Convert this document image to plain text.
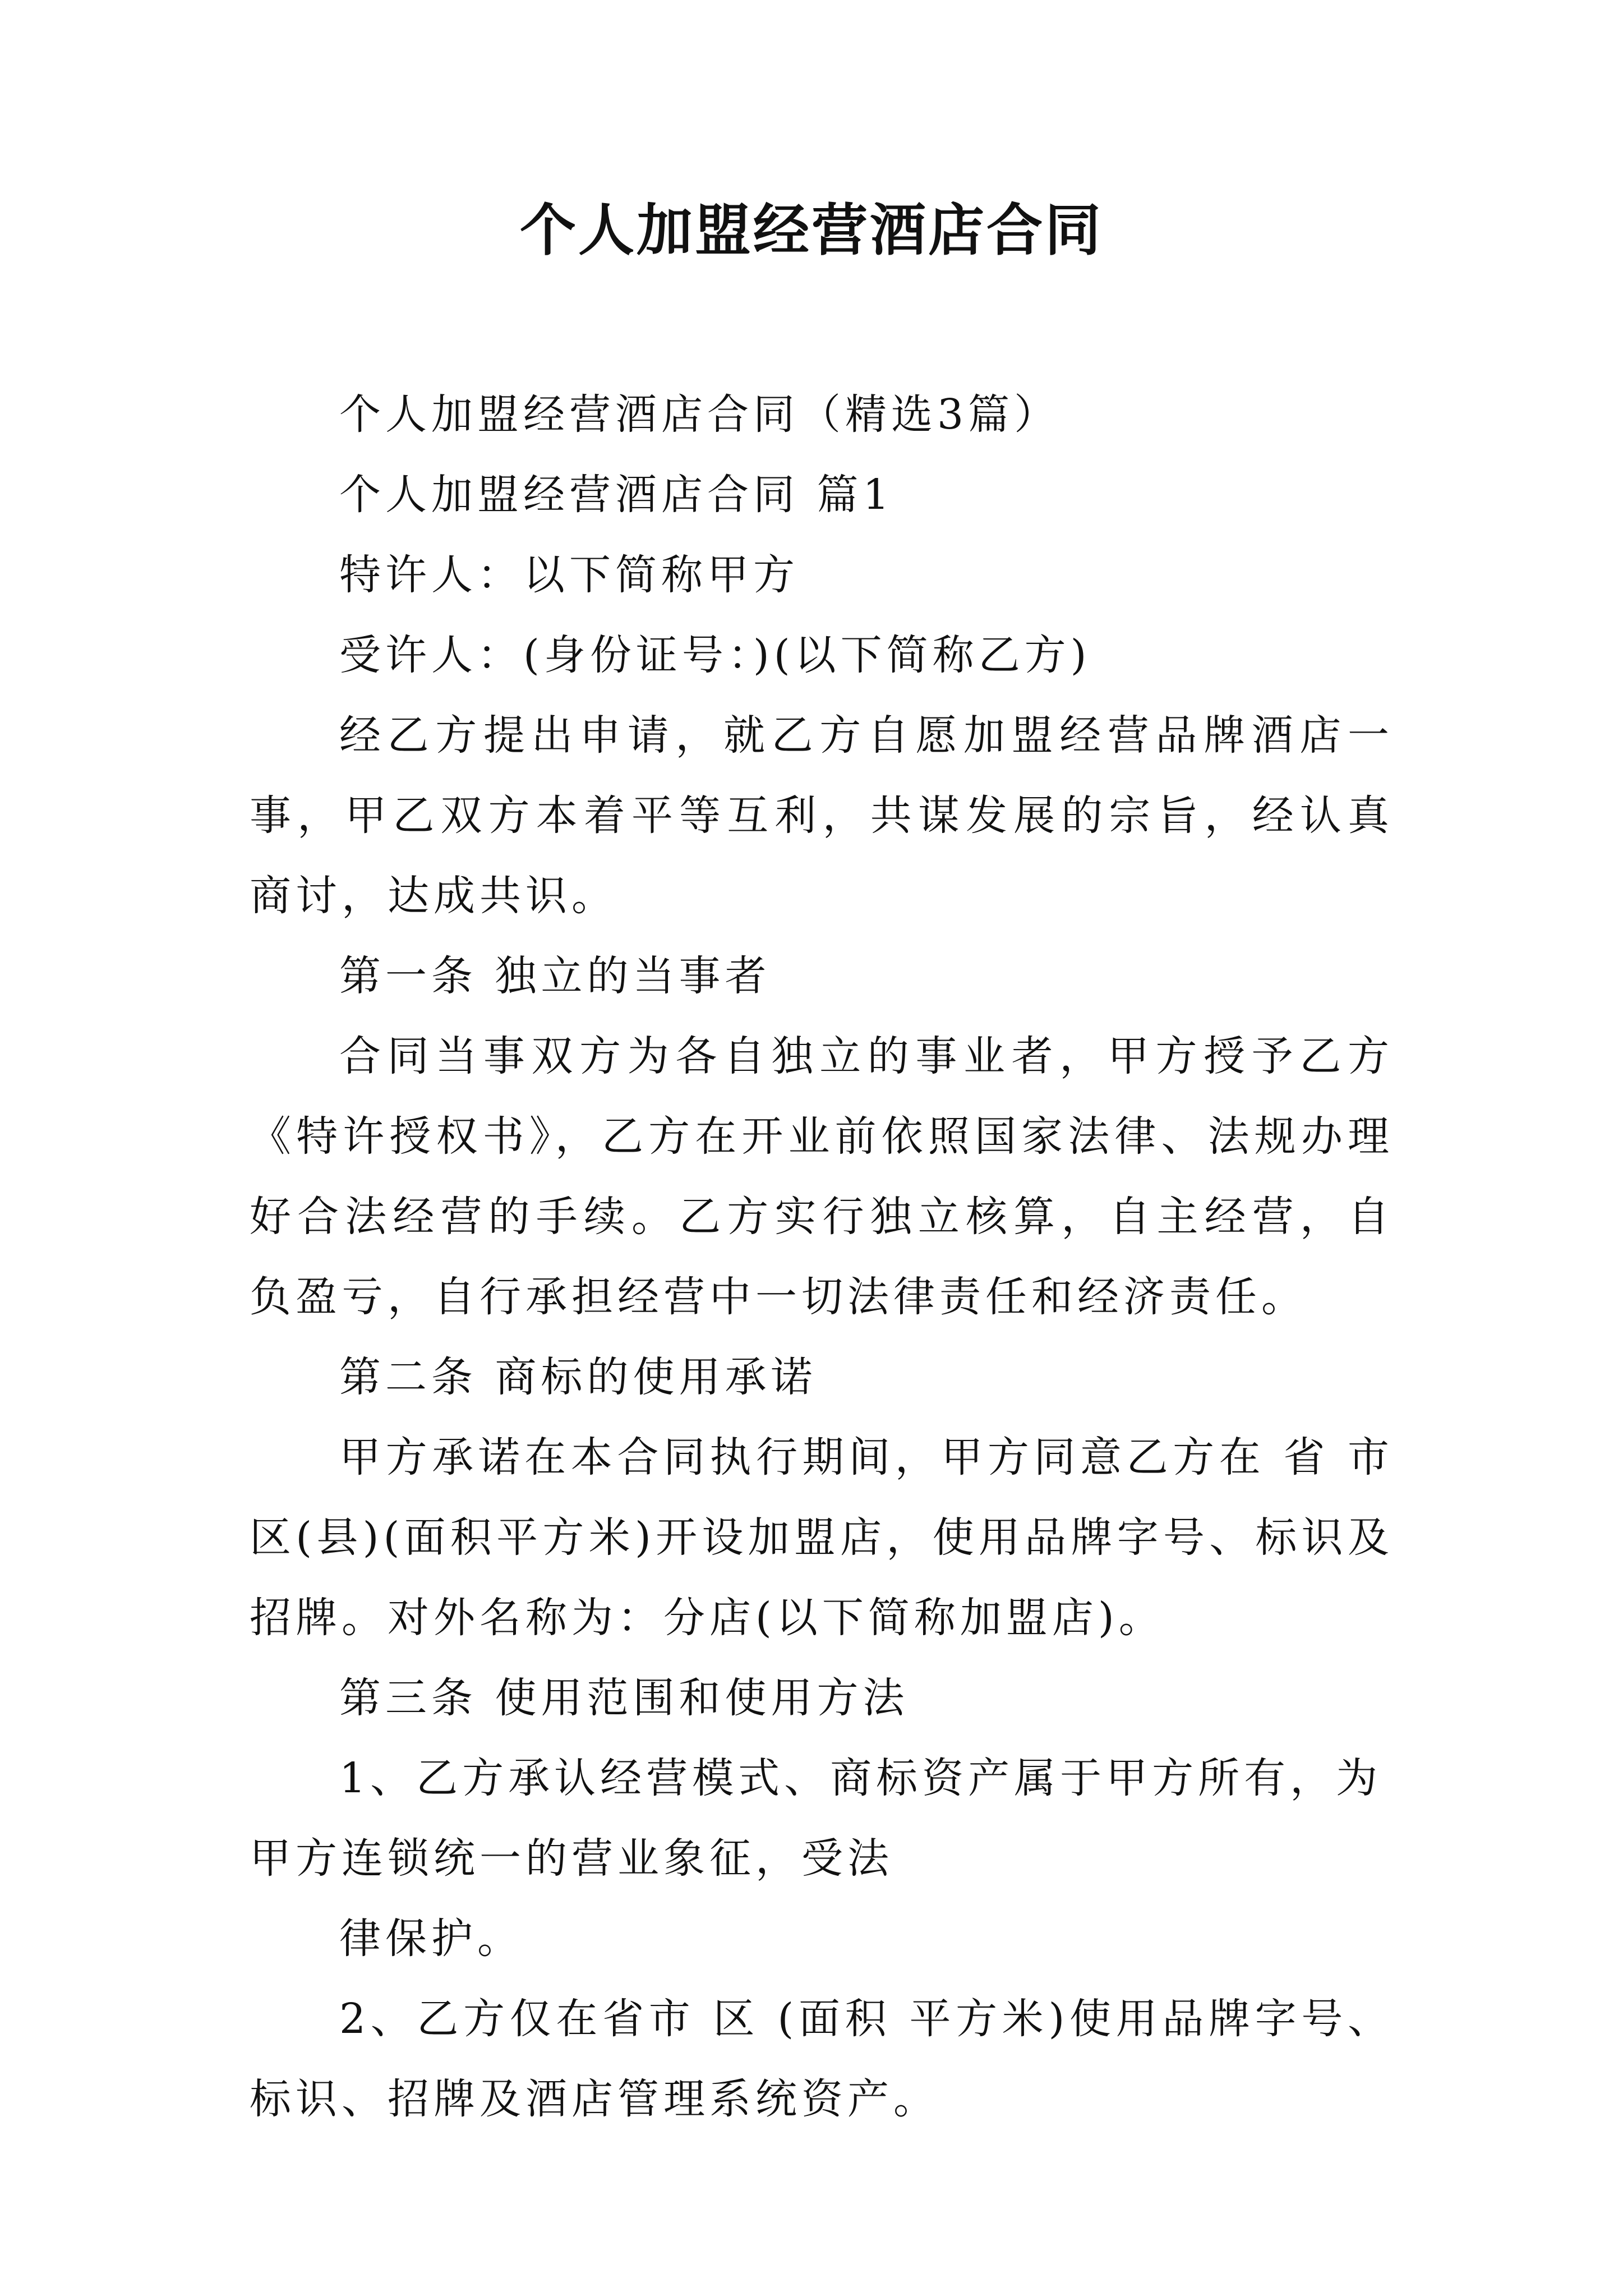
个人加盟经营酒店合同

个人加盟经营酒店合同（精选3篇）

个人加盟经营酒店合同 篇1

特许人：以下简称甲方

受许人：(身份证号：)(以下简称乙方)

经乙方提出申请，就乙方自愿加盟经营品牌酒店一事，甲乙双方本着平等互利，共谋发展的宗旨，经认真商讨，达成共识。

第一条 独立的当事者

合同当事双方为各自独立的事业者，甲方授予乙方《特许授权书》，乙方在开业前依照国家法律、法规办理好合法经营的手续。乙方实行独立核算，自主经营，自负盈亏，自行承担经营中一切法律责任和经济责任。

第二条 商标的使用承诺

甲方承诺在本合同执行期间，甲方同意乙方在 省 市区(县)(面积平方米)开设加盟店，使用品牌字号、标识及招牌。对外名称为：分店(以下简称加盟店)。

第三条 使用范围和使用方法

1、乙方承认经营模式、商标资产属于甲方所有，为甲方连锁统一的营业象征，受法

律保护。

2、乙方仅在省市 区 (面积 平方米)使用品牌字号、标识、招牌及酒店管理系统资产。
